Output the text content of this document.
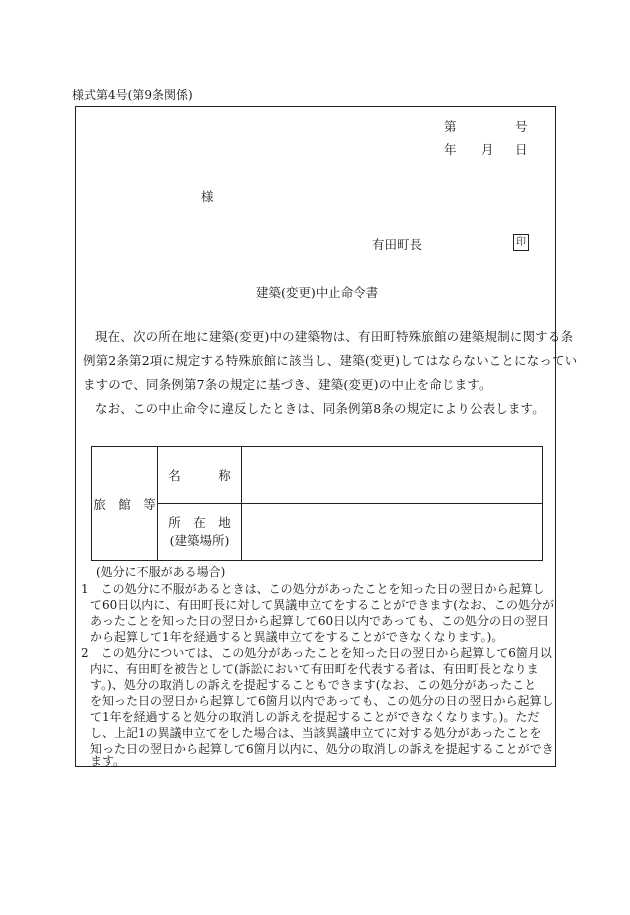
様式第4号(第9条関係)
第	号
年 月 日
様
有田町長	印
建築(変更)中止命令書
現在、次の所在地に建築(変更)中の建築物は、有田町特殊旅館の建築規制に関する条
例第2条第2項に規定する特殊旅館に該当し、建築(変更)してはならないことになってい
ますので、同条例第7条の規定に基づき、建築(変更)の中止を命じます。
なお、この中止命令に違反したときは、同条例第8条の規定により公表します。
旅　館　等	名　　　称	

	所　在　地
(建築場所)	

(処分に不服がある場合)
1　この処分に不服があるときは、この処分があったことを知った日の翌日から起算し
て60日以内に、有田町長に対して異議申立てをすることができます(なお、この処分が
あったことを知った日の翌日から起算して60日以内であっても、この処分の日の翌日
から起算して1年を経過すると異議申立てをすることができなくなります。)。
2　この処分については、この処分があったことを知った日の翌日から起算して6箇月以
内に、有田町を被告として(訴訟において有田町を代表する者は、有田町長となりま
す。)、処分の取消しの訴えを提起することもできます(なお、この処分があったこと
を知った日の翌日から起算して6箇月以内であっても、この処分の日の翌日から起算し
て1年を経過すると処分の取消しの訴えを提起することができなくなります。)。ただ
し、上記1の異議申立てをした場合は、当該異議申立てに対する処分があったことを
知った日の翌日から起算して6箇月以内に、処分の取消しの訴えを提起することができ
ます。
